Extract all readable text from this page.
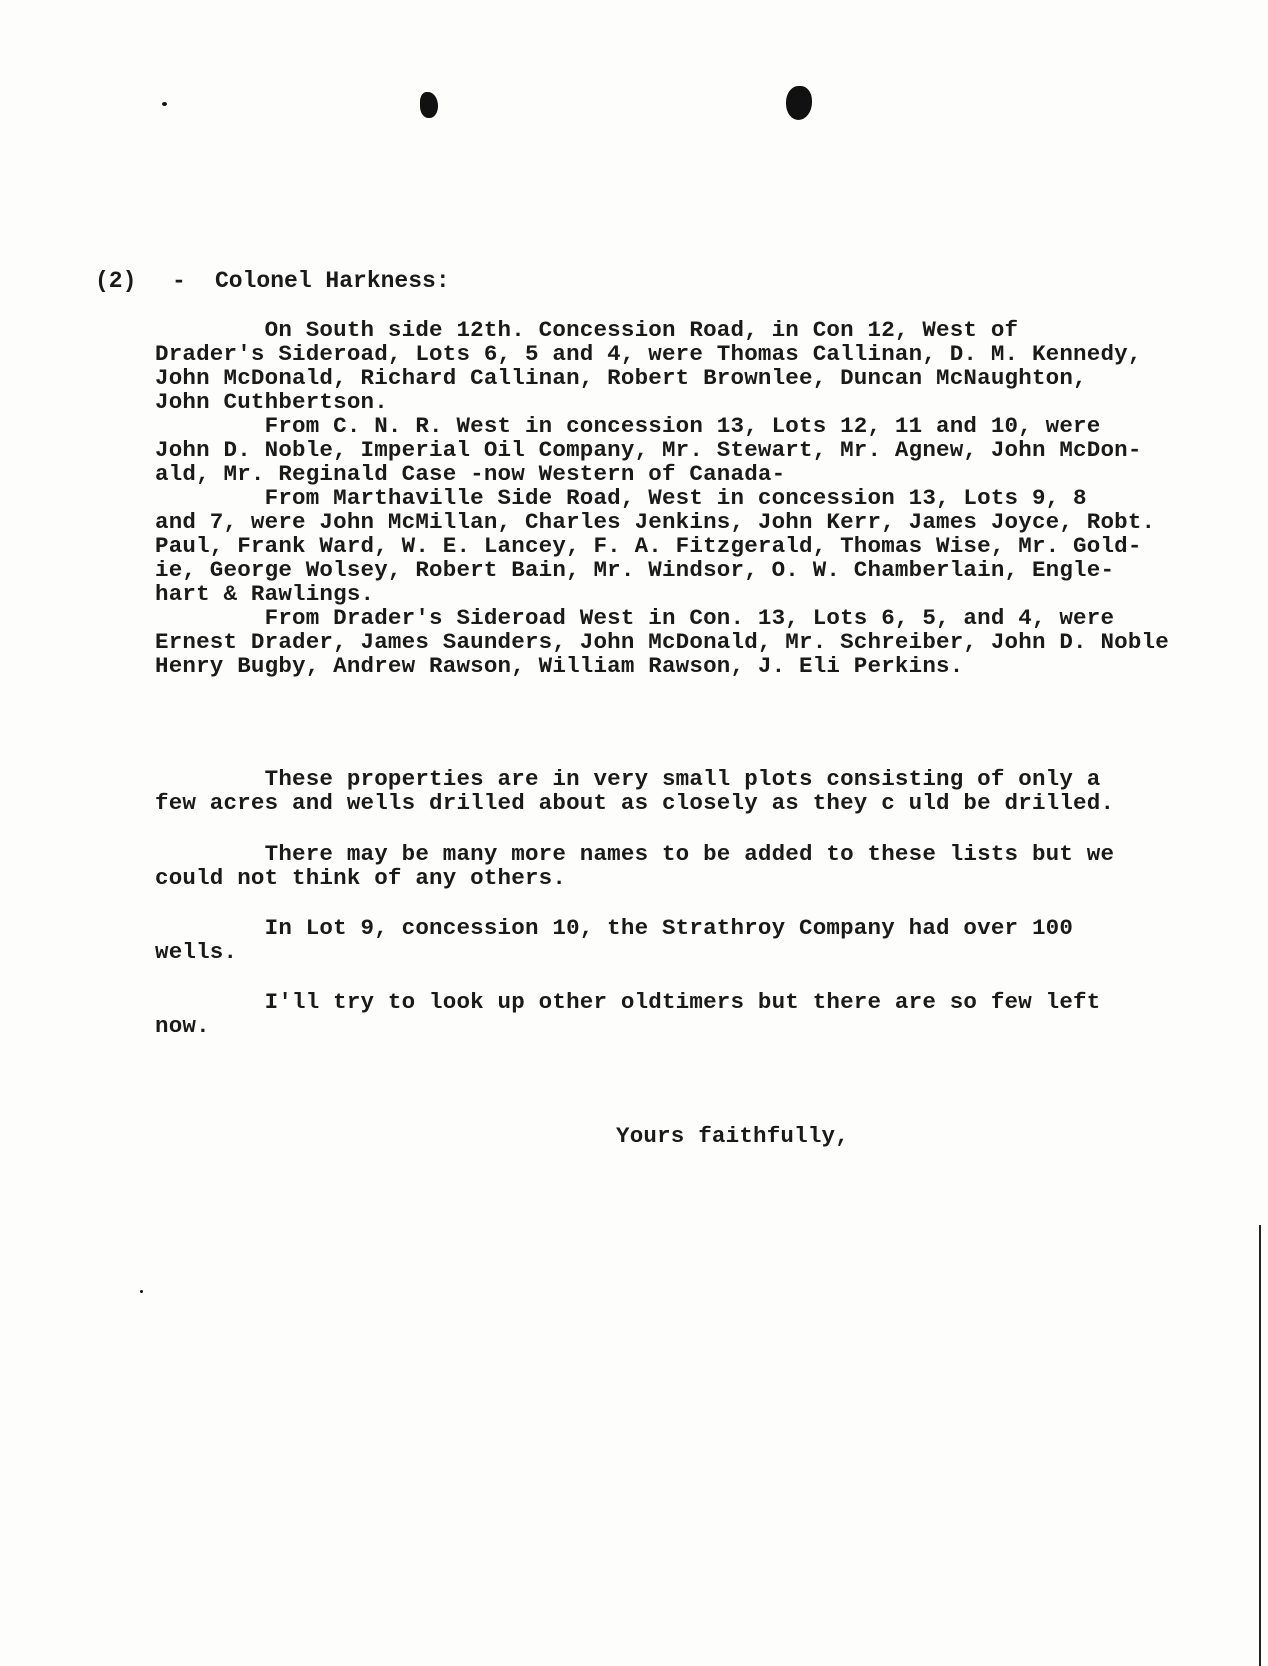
(2) - Colonel Harkness:
On South side 12th. Concession Road, in Con 12, West of
Drader's Sideroad, Lots 6, 5 and 4, were Thomas Callinan, D. M. Kennedy,
John McDonald, Richard Callinan, Robert Brownlee, Duncan McNaughton,
John Cuthbertson.
From C. N. R. West in concession 13, Lots 12, 11 and 10, were
John D. Noble, Imperial Oil Company, Mr. Stewart, Mr. Agnew, John McDon-
ald, Mr. Reginald Case -now Western of Canada-
From Marthaville Side Road, West in concession 13, Lots 9, 8
and 7, were John McMillan, Charles Jenkins, John Kerr, James Joyce, Robt.
Paul, Frank Ward, W. E. Lancey, F. A. Fitzgerald, Thomas Wise, Mr. Gold-
ie, George Wolsey, Robert Bain, Mr. Windsor, O. W. Chamberlain, Engle-
hart & Rawlings.
From Drader's Sideroad West in Con. 13, Lots 6, 5, and 4, were
Ernest Drader, James Saunders, John McDonald, Mr. Schreiber, John D. Noble
Henry Bugby, Andrew Rawson, William Rawson, J. Eli Perkins.
These properties are in very small plots consisting of only a
few acres and wells drilled about as closely as they c uld be drilled.
There may be many more names to be added to these lists but we
could not think of any others.
In Lot 9, concession 10, the Strathroy Company had over 100
wells.
I'll try to look up other oldtimers but there are so few left
now.
Yours faithfully,
